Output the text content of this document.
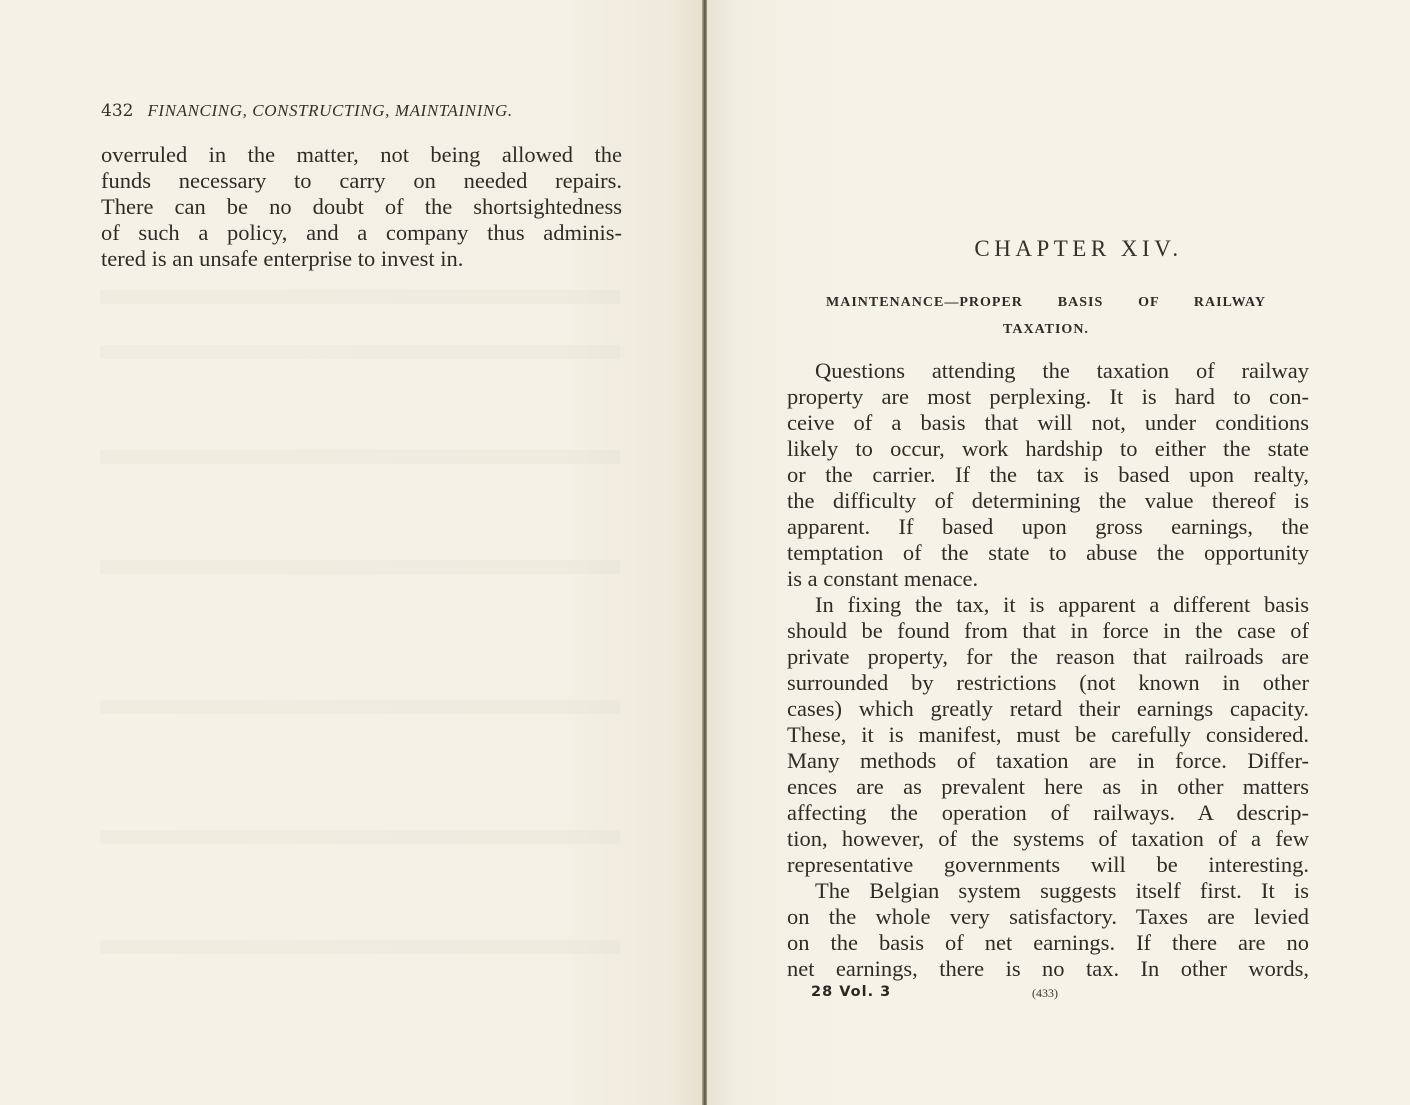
432 FINANCING, CONSTRUCTING, MAINTAINING.
overruled in the matter, not being allowed the
funds necessary to carry on needed repairs.
There can be no doubt of the shortsightedness
of such a policy, and a company thus adminis-
tered is an unsafe enterprise to invest in.	CHAPTER XIV.
MAINTENANCE—PROPER BASIS OF RAILWAY
TAXATION.
Questions attending the taxation of railway
property are most perplexing. It is hard to con-
ceive of a basis that will not, under conditions
likely to occur, work hardship to either the state
or the carrier. If the tax is based upon realty,
the difficulty of determining the value thereof is
apparent. If based upon gross earnings, the
temptation of the state to abuse the opportunity
is a constant menace.
In fixing the tax, it is apparent a different basis
should be found from that in force in the case of
private property, for the reason that railroads are
surrounded by restrictions (not known in other
cases) which greatly retard their earnings capacity.
These, it is manifest, must be carefully considered.
Many methods of taxation are in force. Differ-
ences are as prevalent here as in other matters
affecting the operation of railways. A descrip-
tion, however, of the systems of taxation of a few
representative governments will be interesting.
The Belgian system suggests itself first. It is
on the whole very satisfactory. Taxes are levied
on the basis of net earnings. If there are no
net earnings, there is no tax. In other words,
28 Vol. 3	(433)
